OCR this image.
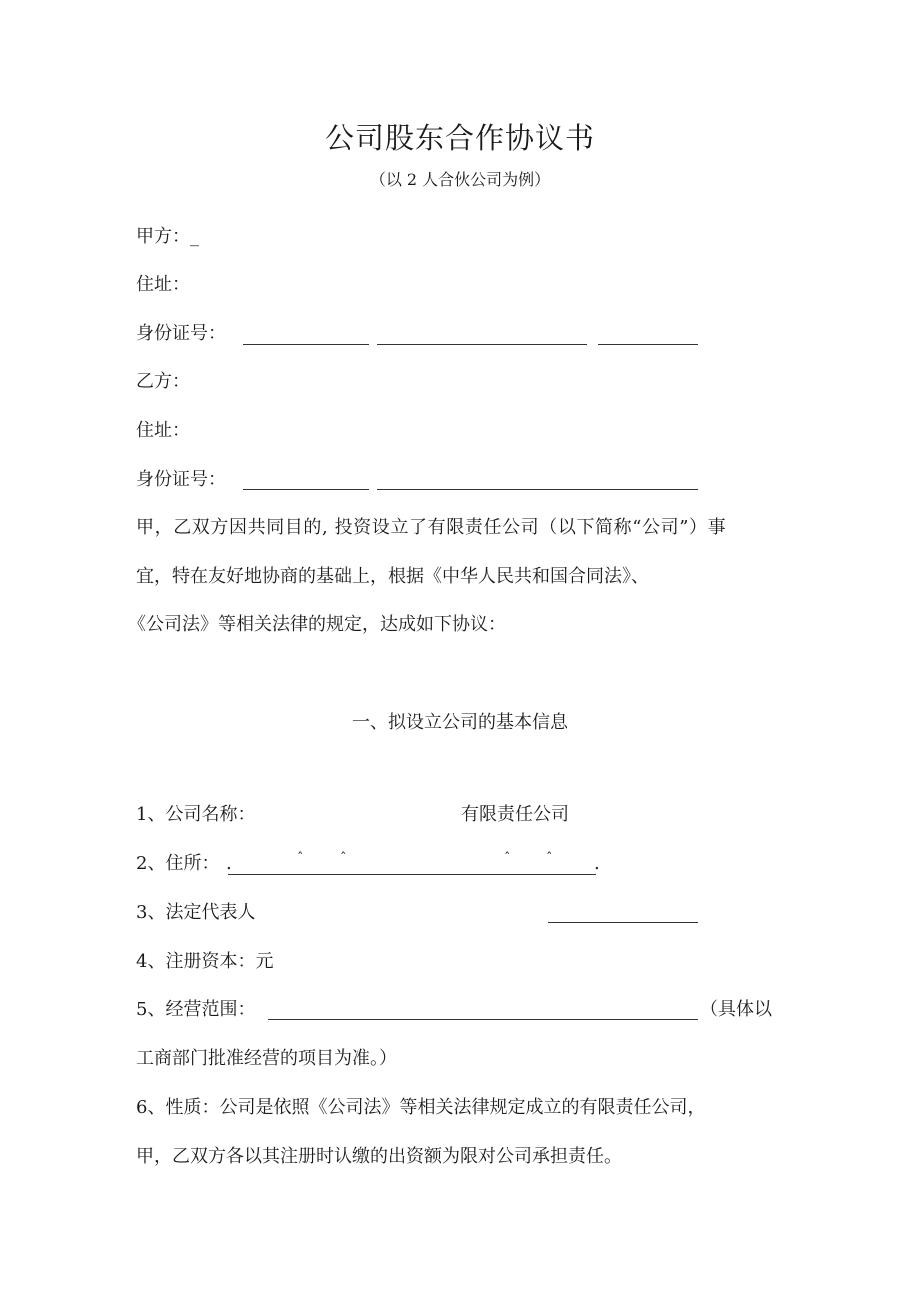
公司股东合作协议书
（以 2 人合伙公司为例）
甲方：_
住址：
身份证号：
乙方：
住址：
身份证号：
甲，乙双方因共同目的, 投资设立了有限责任公司（以下简称“公司”）事
宜，特在友好地协商的基础上，根据《中华人民共和国合同法》、
《公司法》等相关法律的规定，达成如下协议：
一、拟设立公司的基本信息
1、公司名称：	有限责任公司
2、住所： .	.
ˆ	ˆ	ˆ	ˆ
3、法定代表人
4、注册资本：元
5、经营范围：	（具体以
工商部门批准经营的项目为准。）
6、性质：公司是依照《公司法》等相关法律规定成立的有限责任公司，
甲，乙双方各以其注册时认缴的出资额为限对公司承担责任。
